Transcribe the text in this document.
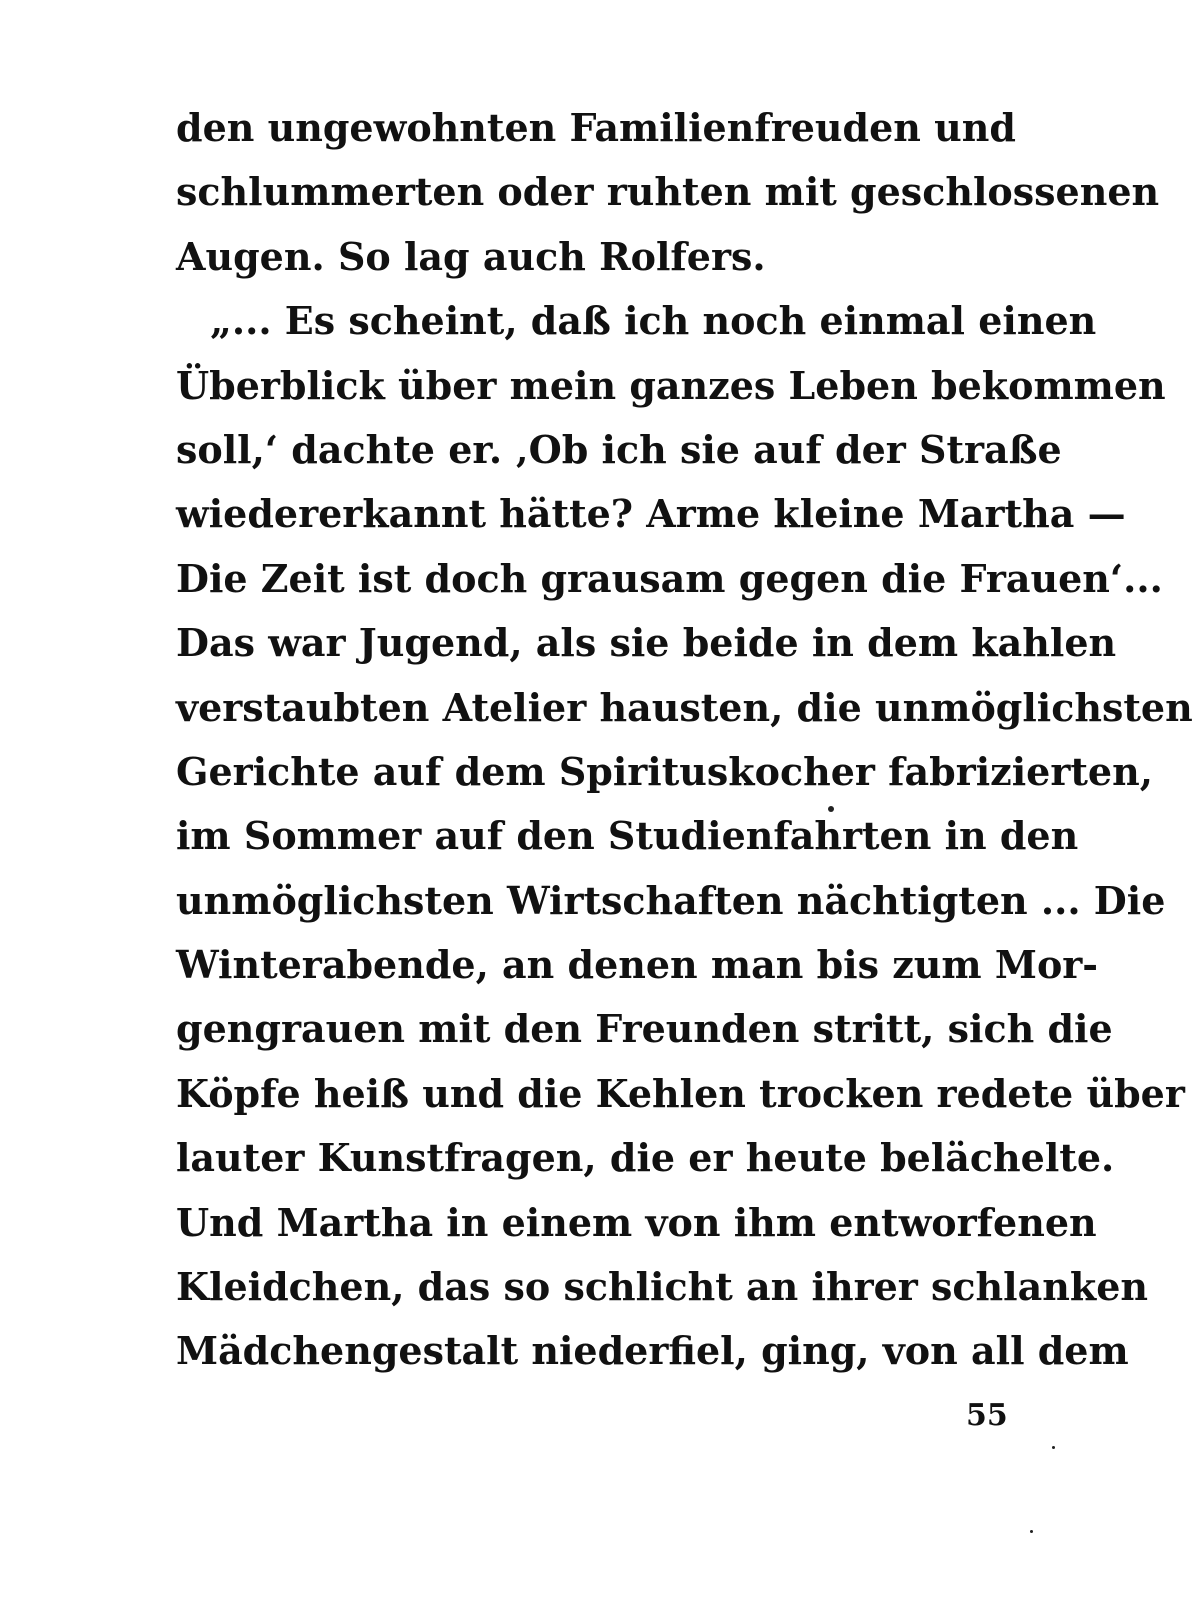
den ungewohnten Familienfreuden und
schlummerten oder ruhten mit geschlossenen
Augen. So lag auch Rolfers.
„... Es scheint, daß ich noch einmal einen
Überblick über mein ganzes Leben bekommen
soll,‘ dachte er. ‚Ob ich sie auf der Straße
wiedererkannt hätte? Arme kleine Martha —
Die Zeit ist doch grausam gegen die Frauen‘...
Das war Jugend, als sie beide in dem kahlen
verstaubten Atelier hausten, die unmöglichsten
Gerichte auf dem Spirituskocher fabrizierten,
im Sommer auf den Studienfahrten in den
unmöglichsten Wirtschaften nächtigten ... Die
Winterabende, an denen man bis zum Mor-
gengrauen mit den Freunden stritt, sich die
Köpfe heiß und die Kehlen trocken redete über
lauter Kunstfragen, die er heute belächelte.
Und Martha in einem von ihm entworfenen
Kleidchen, das so schlicht an ihrer schlanken
Mädchengestalt niederfiel, ging, von all dem
55
